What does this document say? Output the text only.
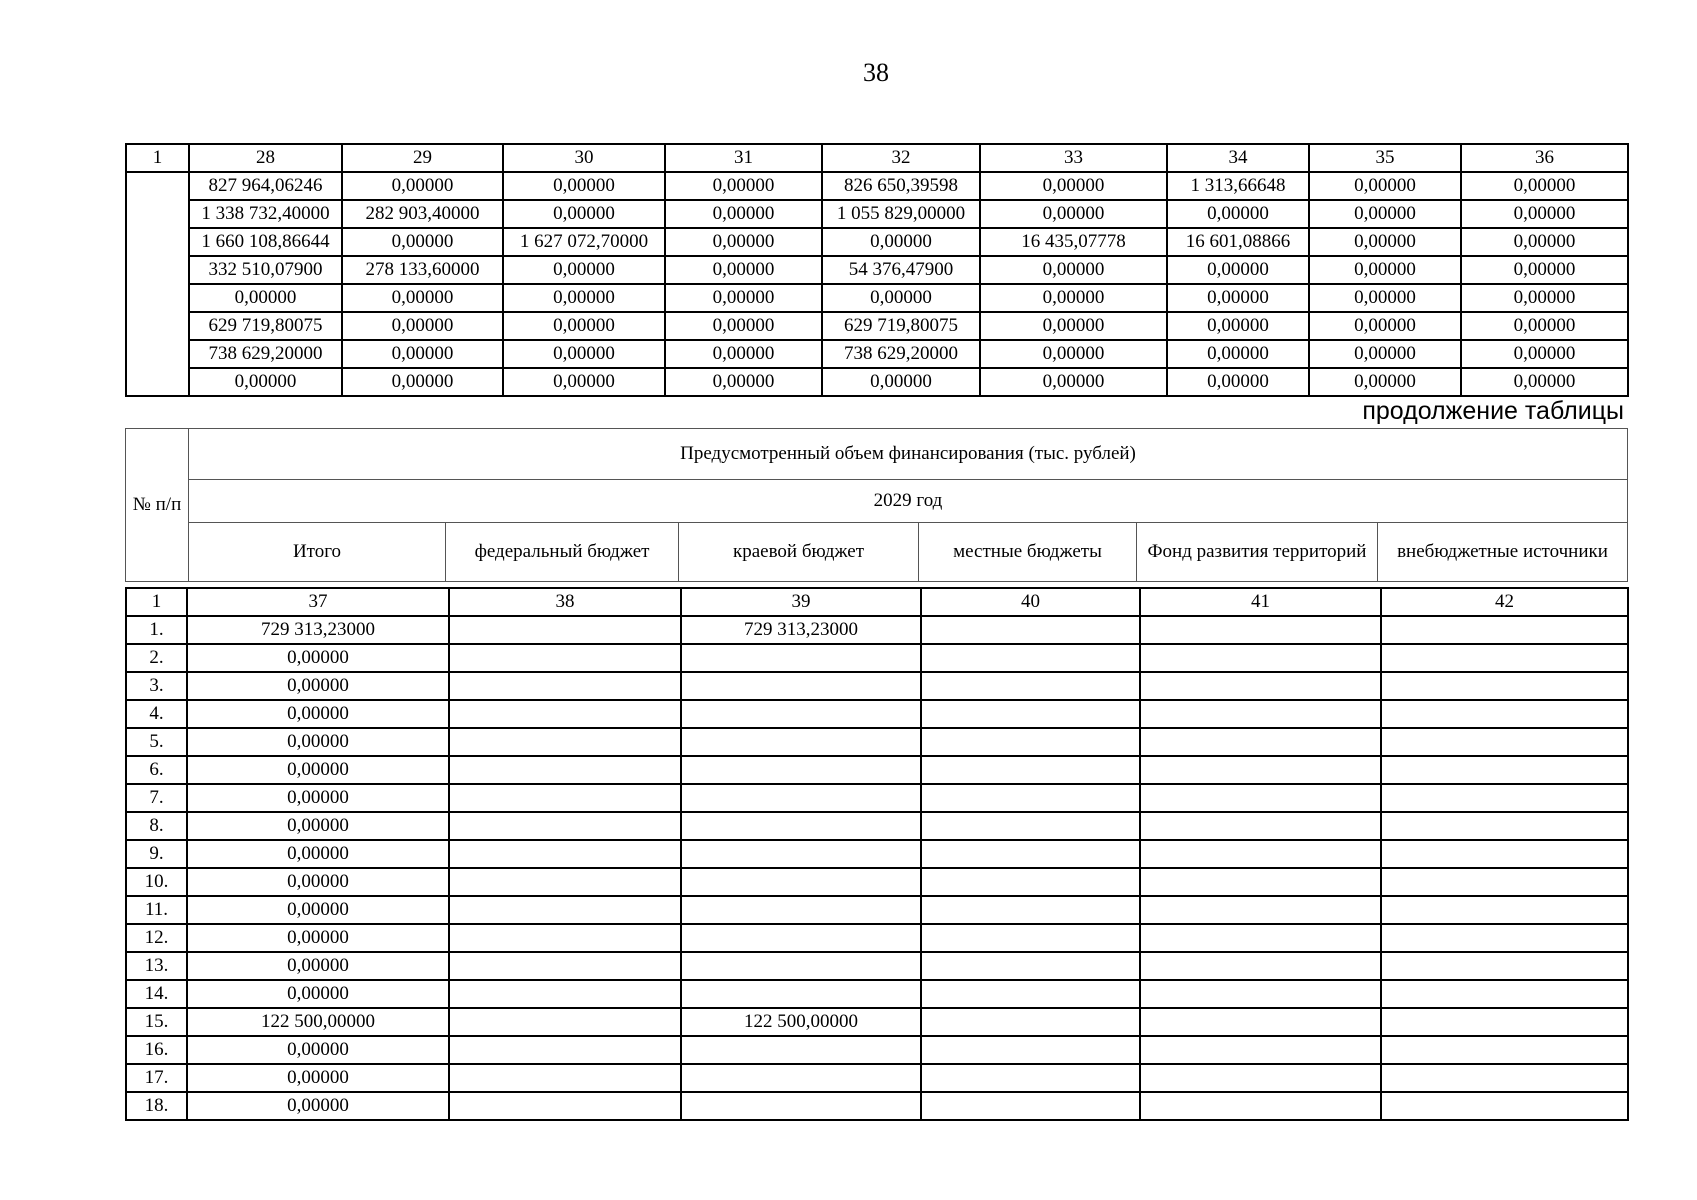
38
1	28	29	30	31	32	33	34	35	36
	827 964,06246	0,00000	0,00000	0,00000	826 650,39598	0,00000	1 313,66648	0,00000	0,00000
	1 338 732,40000	282 903,40000	0,00000	0,00000	1 055 829,00000	0,00000	0,00000	0,00000	0,00000
	1 660 108,86644	0,00000	1 627 072,70000	0,00000	0,00000	16 435,07778	16 601,08866	0,00000	0,00000
	332 510,07900	278 133,60000	0,00000	0,00000	54 376,47900	0,00000	0,00000	0,00000	0,00000
	0,00000	0,00000	0,00000	0,00000	0,00000	0,00000	0,00000	0,00000	0,00000
	629 719,80075	0,00000	0,00000	0,00000	629 719,80075	0,00000	0,00000	0,00000	0,00000
	738 629,20000	0,00000	0,00000	0,00000	738 629,20000	0,00000	0,00000	0,00000	0,00000
	0,00000	0,00000	0,00000	0,00000	0,00000	0,00000	0,00000	0,00000	0,00000
продолжение таблицы
№ п/п	Предусмотренный объем финансирования (тыс. рублей)					
	2029 год					
	Итого	федеральный бюджет	краевой бюджет	местные бюджеты	Фонд развития территорий	внебюджетные источники
1	37	38	39	40	41	42
1.	729 313,23000		729 313,23000			
2.	0,00000					
3.	0,00000					
4.	0,00000					
5.	0,00000					
6.	0,00000					
7.	0,00000					
8.	0,00000					
9.	0,00000					
10.	0,00000					
11.	0,00000					
12.	0,00000					
13.	0,00000					
14.	0,00000					
15.	122 500,00000		122 500,00000			
16.	0,00000					
17.	0,00000					
18.	0,00000					
